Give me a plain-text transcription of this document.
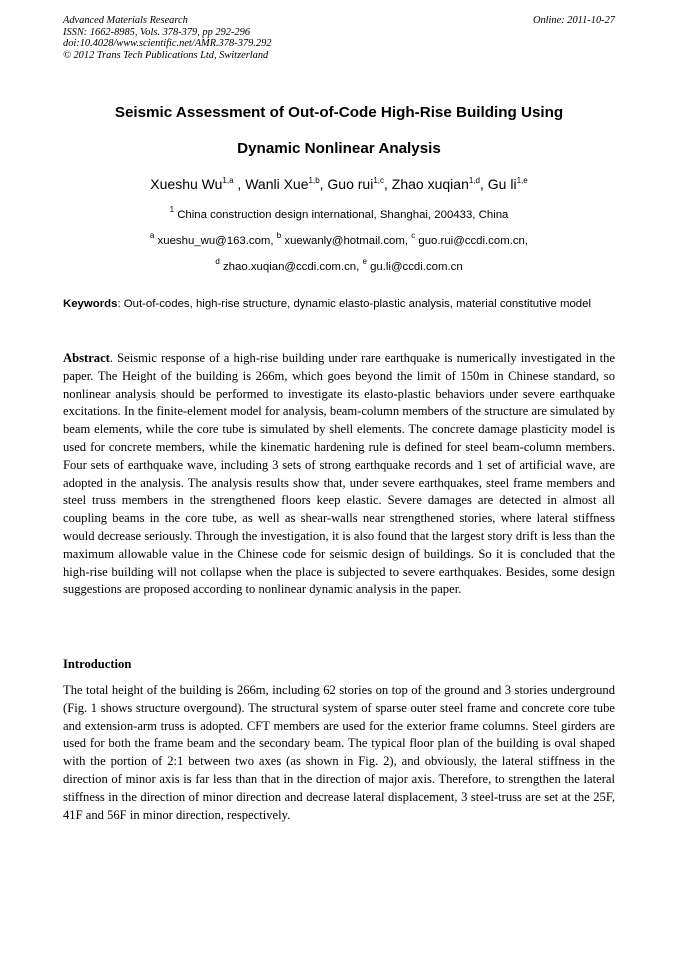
Advanced Materials Research
ISSN: 1662-8985, Vols. 378-379, pp 292-296
doi:10.4028/www.scientific.net/AMR.378-379.292
© 2012 Trans Tech Publications Ltd, Switzerland
Online: 2011-10-27
Seismic Assessment of Out-of-Code High-Rise Building Using
Dynamic Nonlinear Analysis
Xueshu Wu$^{1,a}$ , Wanli Xue$^{1,b}$, Guo rui$^{1,c}$, Zhao xuqian$^{1,d}$, Gu li$^{1,e}$
$^1$ China construction design international, Shanghai, 200433, China
$^a$ xueshu_wu@163.com, $^b$ xuewanly@hotmail.com, $^c$ guo.rui@ccdi.com.cn,
$^d$ zhao.xuqian@ccdi.com.cn, $^e$ gu.li@ccdi.com.cn
Keywords: Out-of-codes, high-rise structure, dynamic elasto-plastic analysis, material constitutive model
Abstract. Seismic response of a high-rise building under rare earthquake is numerically investigated in the paper. The Height of the building is 266m, which goes beyond the limit of 150m in Chinese standard, so nonlinear analysis should be performed to investigate its elasto-plastic behaviors under severe earthquake excitations. In the finite-element model for analysis, beam-column members of the structure are simulated by beam elements, while the core tube is simulated by shell elements. The concrete damage plasticity model is used for concrete members, while the kinematic hardening rule is defined for steel beam-column members. Four sets of earthquake wave, including 3 sets of strong earthquake records and 1 set of artificial wave, are adopted in the analysis. The analysis results show that, under severe earthquakes, steel frame members and steel truss members in the strengthened floors keep elastic. Severe damages are detected in almost all coupling beams in the core tube, as well as shear-walls near strengthened stories, where lateral stiffness would decrease seriously. Through the investigation, it is also found that the largest story drift is less than the maximum allowable value in the Chinese code for seismic design of buildings. So it is concluded that the high-rise building will not collapse when the place is subjected to severe earthquakes. Besides, some design suggestions are proposed according to nonlinear dynamic analysis in the paper.
Introduction
The total height of the building is 266m, including 62 stories on top of the ground and 3 stories underground (Fig. 1 shows structure overgound). The structural system of sparse outer steel frame and concrete core tube and extension-arm truss is adopted. CFT members are used for the exterior frame columns. Steel girders are used for both the frame beam and the secondary beam. The typical floor plan of the building is oval shaped with the portion of 2:1 between two axes (as shown in Fig. 2), and obviously, the lateral stiffness in the direction of minor axis is far less than that in the direction of major axis. Therefore, to strengthen the lateral stiffness in the direction of minor direction and decrease lateral displacement, 3 steel-truss are set at the 25F, 41F and 56F in minor direction, respectively.
